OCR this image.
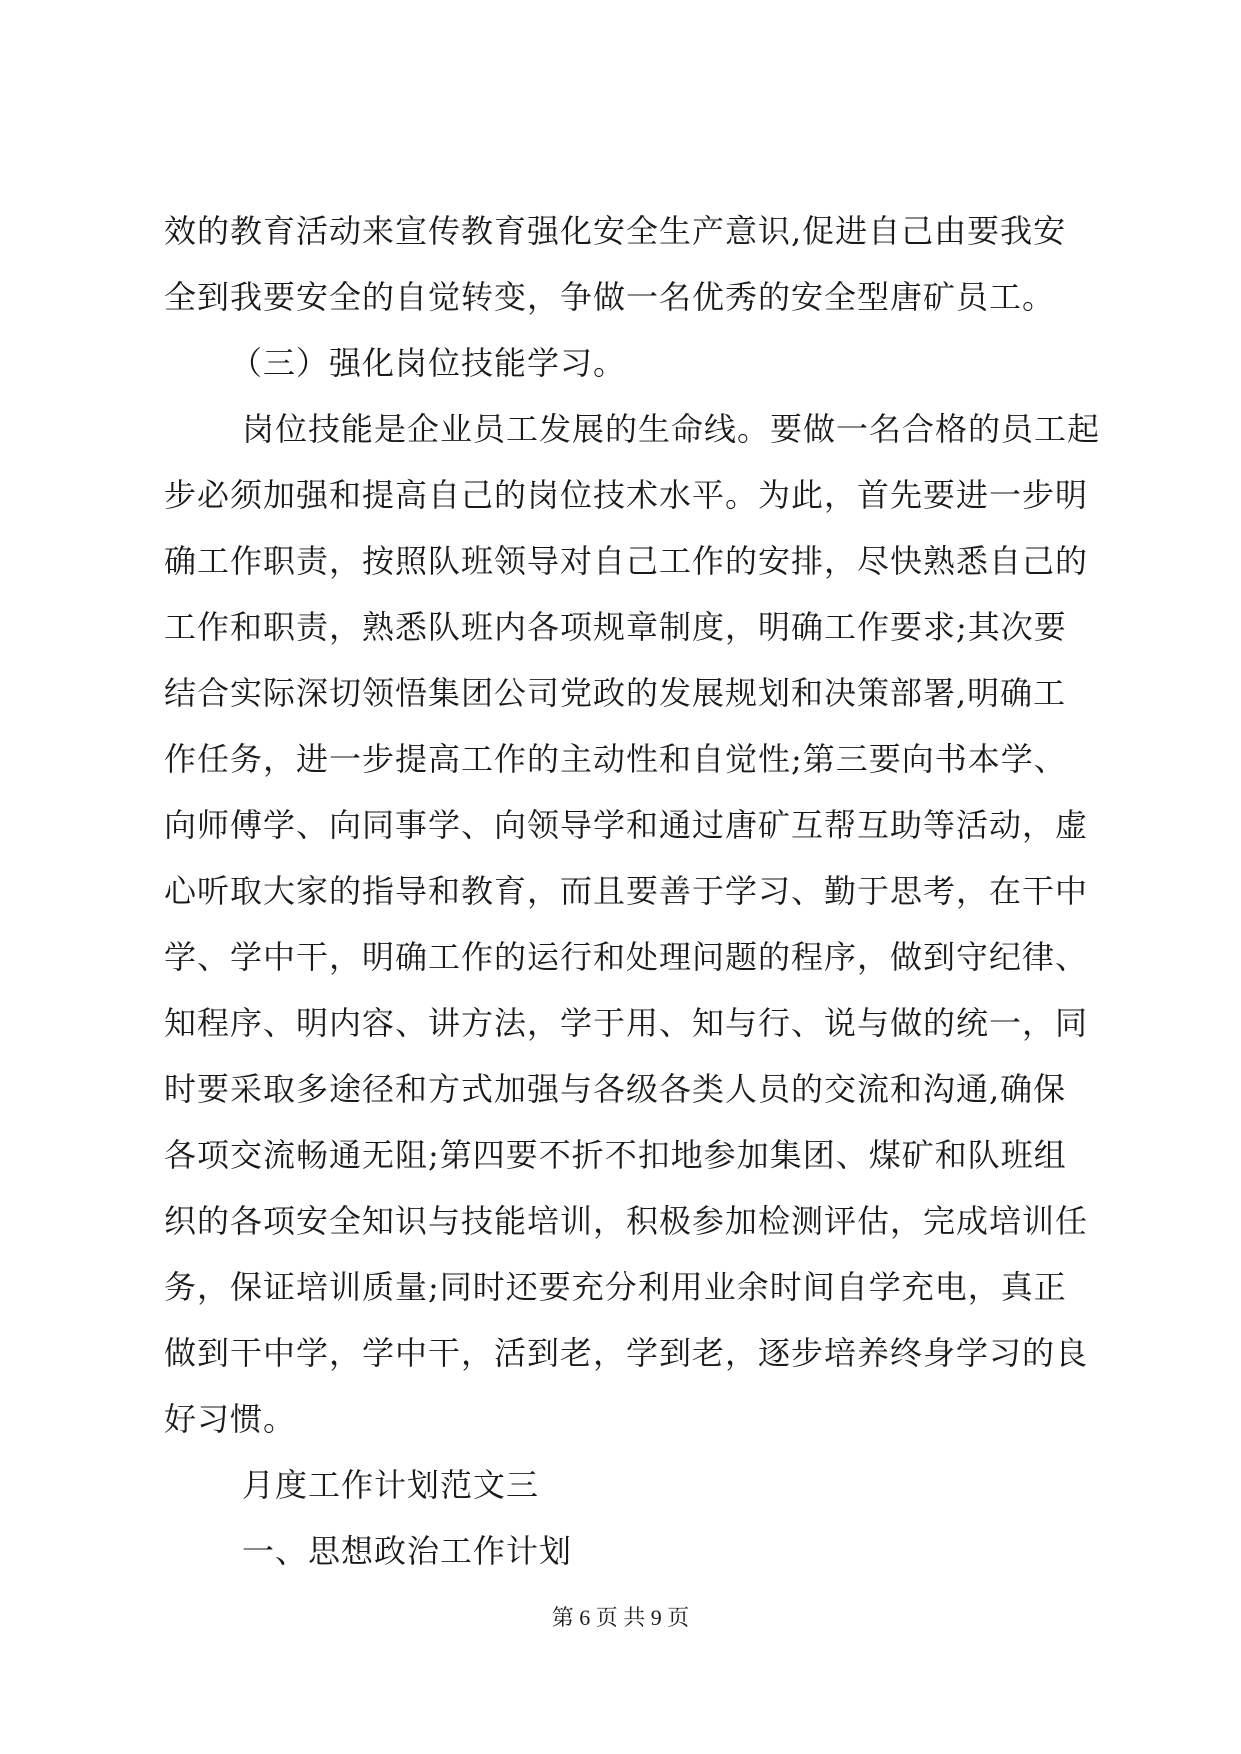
效的教育活动来宣传教育强化安全生产意识,促进自己由要我安
全到我要安全的自觉转变，争做一名优秀的安全型唐矿员工。
（三）强化岗位技能学习。
岗位技能是企业员工发展的生命线。要做一名合格的员工起
步必须加强和提高自己的岗位技术水平。为此，首先要进一步明
确工作职责，按照队班领导对自己工作的安排，尽快熟悉自己的
工作和职责，熟悉队班内各项规章制度，明确工作要求;其次要
结合实际深切领悟集团公司党政的发展规划和决策部署,明确工
作任务，进一步提高工作的主动性和自觉性;第三要向书本学、
向师傅学、向同事学、向领导学和通过唐矿互帮互助等活动，虚
心听取大家的指导和教育，而且要善于学习、勤于思考，在干中
学、学中干，明确工作的运行和处理问题的程序，做到守纪律、
知程序、明内容、讲方法，学于用、知与行、说与做的统一，同
时要采取多途径和方式加强与各级各类人员的交流和沟通,确保
各项交流畅通无阻;第四要不折不扣地参加集团、煤矿和队班组
织的各项安全知识与技能培训，积极参加检测评估，完成培训任
务，保证培训质量;同时还要充分利用业余时间自学充电，真正
做到干中学，学中干，活到老，学到老，逐步培养终身学习的良
好习惯。
月度工作计划范文三
一、思想政治工作计划
第 6 页 共 9 页
